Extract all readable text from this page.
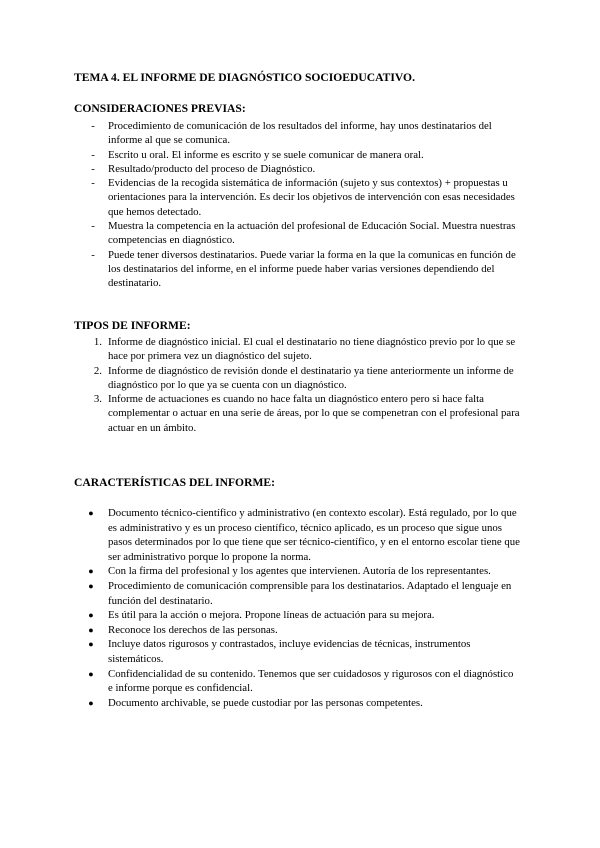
TEMA 4. EL INFORME DE DIAGNÓSTICO SOCIOEDUCATIVO.
CONSIDERACIONES PREVIAS:
- Procedimiento de comunicación de los resultados del informe, hay unos destinatarios del informe al que se comunica.
- Escrito u oral. El informe es escrito y se suele comunicar de manera oral.
- Resultado/producto del proceso de Diagnóstico.
- Evidencias de la recogida sistemática de información (sujeto y sus contextos) + propuestas u orientaciones para la intervención. Es decir los objetivos de intervención con esas necesidades que hemos detectado.
- Muestra la competencia en la actuación del profesional de Educación Social. Muestra nuestras competencias en diagnóstico.
- Puede tener diversos destinatarios. Puede variar la forma en la que la comunicas en función de los destinatarios del informe, en el informe puede haber varias versiones dependiendo del destinatario.
TIPOS DE INFORME:
1. Informe de diagnóstico inicial. El cual el destinatario no tiene diagnóstico previo por lo que se hace por primera vez un diagnóstico del sujeto.
2. Informe de diagnóstico de revisión donde el destinatario ya tiene anteriormente un informe de diagnóstico por lo que ya se cuenta con un diagnóstico.
3. Informe de actuaciones es cuando no hace falta un diagnóstico entero pero si hace falta complementar o actuar en una serie de áreas, por lo que se compenetran con el profesional para actuar en un ámbito.
CARACTERÍSTICAS DEL INFORME:
● Documento técnico-científico y administrativo (en contexto escolar). Está regulado, por lo que es administrativo y es un proceso científico, técnico aplicado, es un proceso que sigue unos pasos determinados por lo que tiene que ser técnico-científico, y en el entorno escolar tiene que ser administrativo porque lo propone la norma.
● Con la firma del profesional y los agentes que intervienen. Autoría de los representantes.
● Procedimiento de comunicación comprensible para los destinatarios. Adaptado el lenguaje en función del destinatario.
● Es útil para la acción o mejora. Propone líneas de actuación para su mejora.
● Reconoce los derechos de las personas.
● Incluye datos rigurosos y contrastados, incluye evidencias de técnicas, instrumentos sistemáticos.
● Confidencialidad de su contenido. Tenemos que ser cuidadosos y rigurosos con el diagnóstico e informe porque es confidencial.
● Documento archivable, se puede custodiar por las personas competentes.
